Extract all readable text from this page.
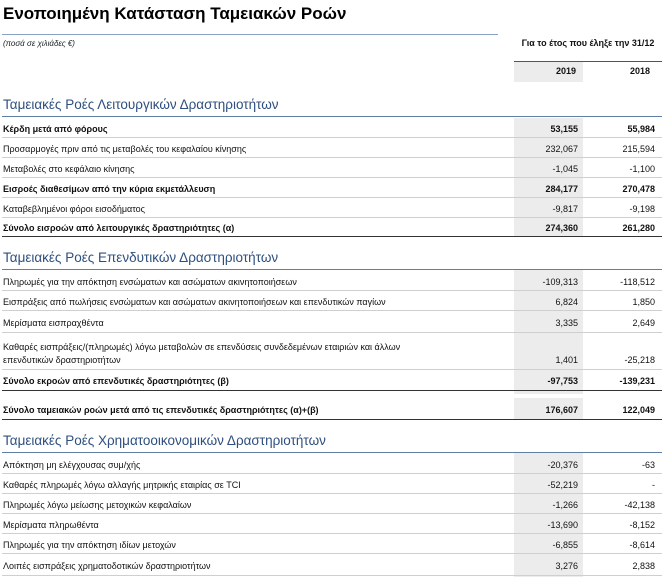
Ενοποιημένη Κατάσταση Ταμειακών Ροών
(ποσά σε χιλιάδες €)	Για το έτος που έληξε την 31/12
2019	2018
Ταμειακές Ροές Λειτουργικών Δραστηριοτήτων
Κέρδη μετά από φόρους	53,155	55,984
Προσαρμογές πριν από τις μεταβολές του κεφαλαίου κίνησης	232,067	215,594
Μεταβολές στο κεφάλαιο κίνησης	-1,045	-1,100
Εισροές διαθεσίμων από την κύρια εκμετάλλευση	284,177	270,478
Καταβεβλημένοι φόροι εισοδήματος	-9,817	-9,198
Σύνολο εισροών από λειτουργικές δραστηριότητες (α)	274,360	261,280
Ταμειακές Ροές Επενδυτικών Δραστηριοτήτων
Πληρωμές για την απόκτηση ενσώματων και ασώματων ακινητοποιήσεων	-109,313	-118,512
Εισπράξεις από πωλήσεις ενσώματων και ασώματων ακινητοποιήσεων και επενδυτικών παγίων	6,824	1,850
Μερίσματα εισπραχθέντα	3,335	2,649
Καθαρές εισπράξεις/(πληρωμές) λόγω μεταβολών σε επενδύσεις συνδεδεμένων εταιριών και άλλων
επενδυτικών δραστηριοτήτων	1,401	-25,218
Σύνολο εκροών από επενδυτικές δραστηριότητες (β)	-97,753	-139,231
Σύνολο ταμειακών ροών μετά από τις επενδυτικές δραστηριότητες (α)+(β)	176,607	122,049
Ταμειακές Ροές Χρηματοοικονομικών Δραστηριοτήτων
Απόκτηση μη ελέγχουσας συμ/χής	-20,376	-63
Καθαρές πληρωμές λόγω αλλαγής μητρικής εταιρίας σε TCI	-52,219	-
Πληρωμές λόγω μείωσης μετοχικών κεφαλαίων	-1,266	-42,138
Μερίσματα πληρωθέντα	-13,690	-8,152
Πληρωμές για την απόκτηση ιδίων μετοχών	-6,855	-8,614
Λοιπές εισπράξεις χρηματοδοτικών δραστηριοτήτων	3,276	2,838
